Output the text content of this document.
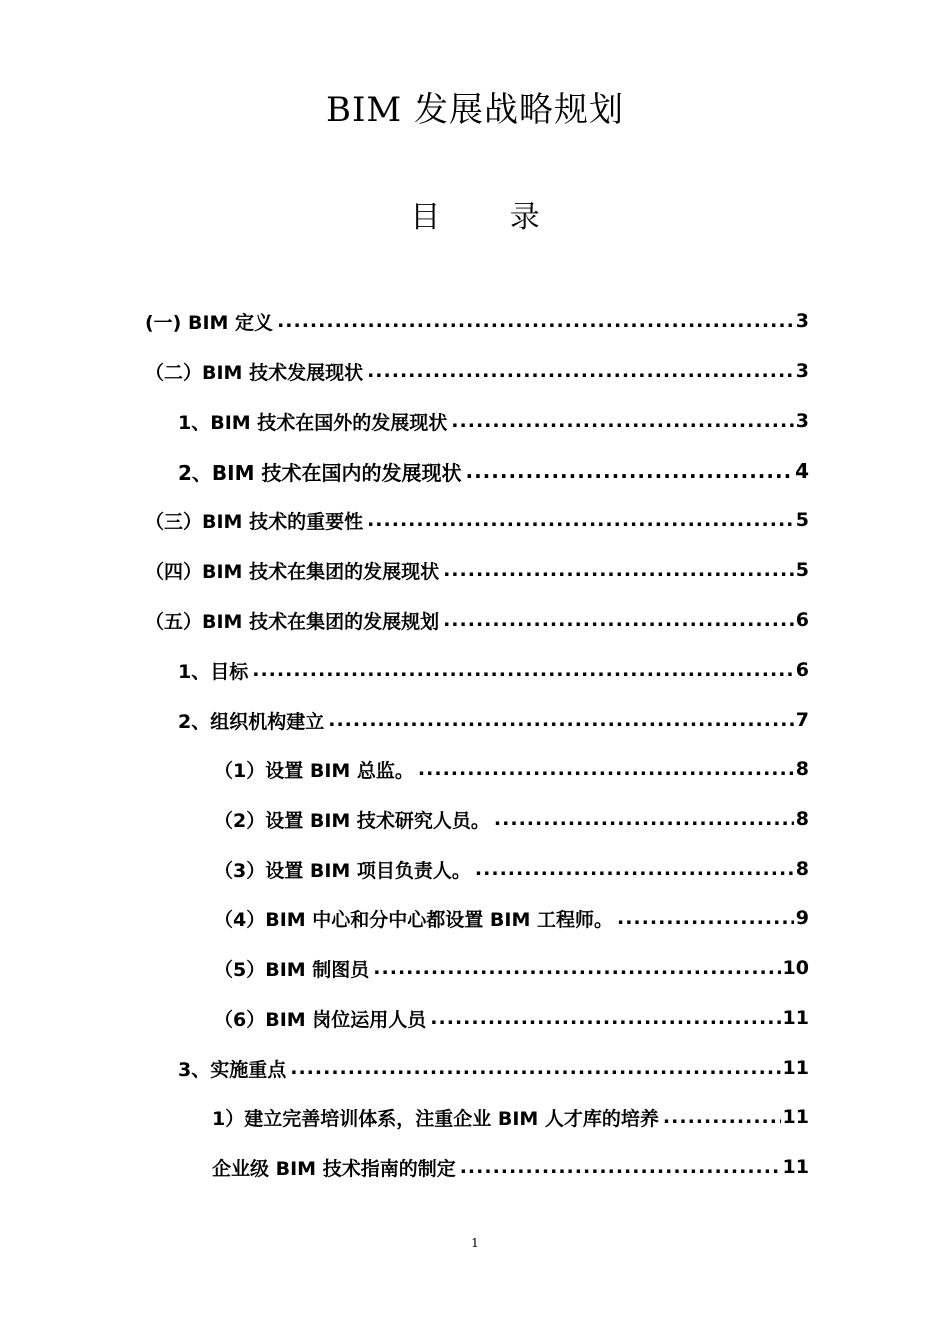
BIM 发展战略规划
目 录
(一) BIM 定义 .....	3
（二）BIM 技术发展现状 .....	3
1、BIM 技术在国外的发展现状 .....	3
2、BIM 技术在国内的发展现状 .....	4
（三）BIM 技术的重要性 .....	5
（四）BIM 技术在集团的发展现状 .....	5
（五）BIM 技术在集团的发展规划 .....	6
1、目标 .....	6
2、组织机构建立 .....	7
（1）设置 BIM 总监。 .....	8
（2）设置 BIM 技术研究人员。 .....	8
（3）设置 BIM 项目负责人。 .....	8
（4）BIM 中心和分中心都设置 BIM 工程师。 .....	9
（5）BIM 制图员 .....	10
（6）BIM 岗位运用人员 .....	11
3、实施重点 .....	11
1）建立完善培训体系，注重企业 BIM 人才库的培养 .....	11
企业级 BIM 技术指南的制定 .....	11
1
